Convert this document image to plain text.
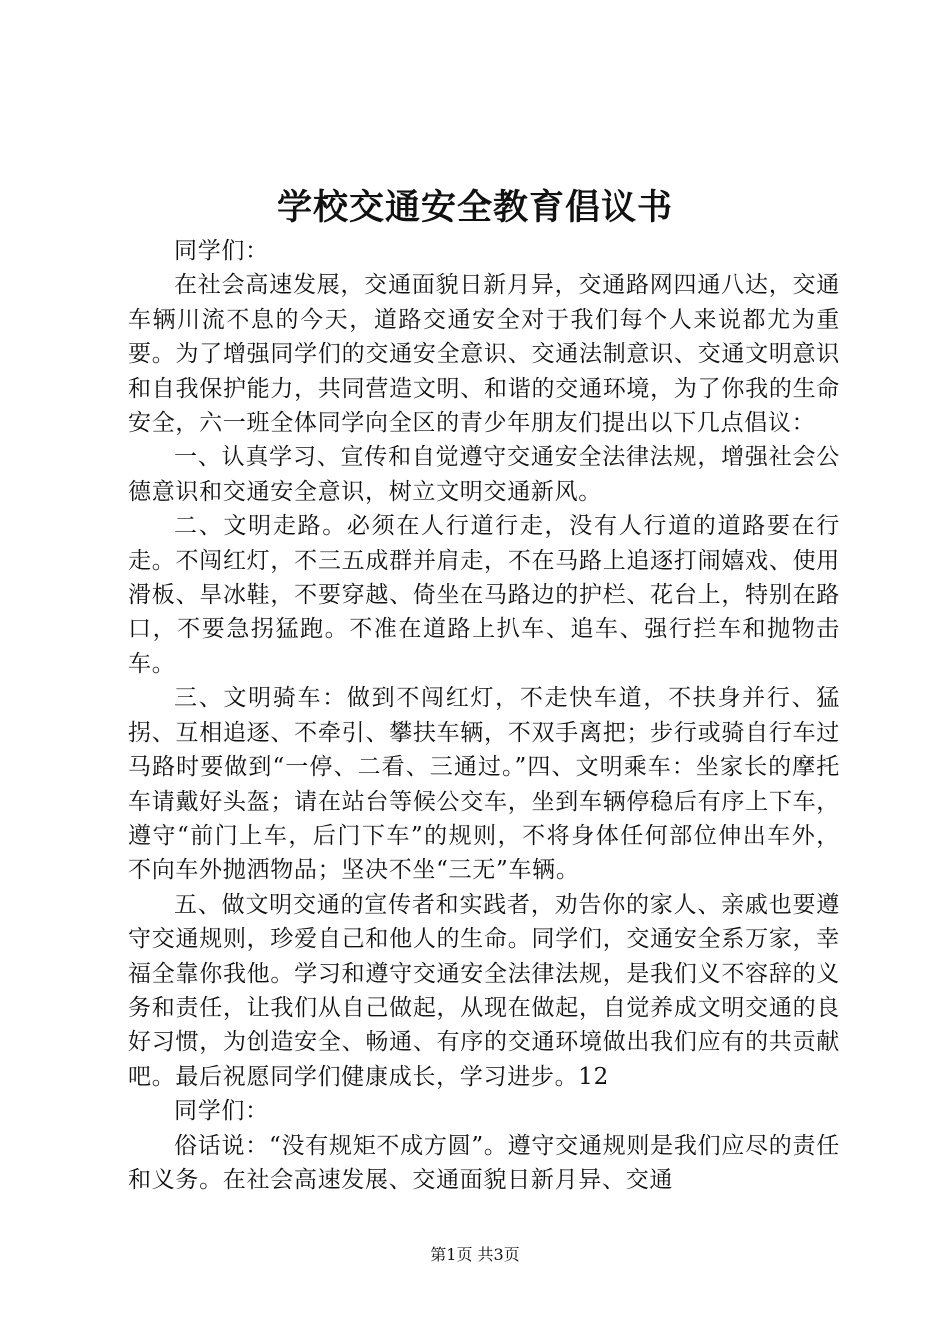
学校交通安全教育倡议书

同学们：

在社会高速发展，交通面貌日新月异，交通路网四通八达，交通车辆川流不息的今天，道路交通安全对于我们每个人来说都尤为重要。为了增强同学们的交通安全意识、交通法制意识、交通文明意识和自我保护能力，共同营造文明、和谐的交通环境，为了你我的生命安全，六一班全体同学向全区的青少年朋友们提出以下几点倡议：

一、认真学习、宣传和自觉遵守交通安全法律法规，增强社会公德意识和交通安全意识，树立文明交通新风。

二、文明走路。必须在人行道行走，没有人行道的道路要在行走。不闯红灯，不三五成群并肩走，不在马路上追逐打闹嬉戏、使用滑板、旱冰鞋，不要穿越、倚坐在马路边的护栏、花台上，特别在路口，不要急拐猛跑。不准在道路上扒车、追车、强行拦车和抛物击车。

三、文明骑车：做到不闯红灯，不走快车道，不扶身并行、猛拐、互相追逐、不牵引、攀扶车辆，不双手离把；步行或骑自行车过马路时要做到“一停、二看、三通过。”四、文明乘车：坐家长的摩托车请戴好头盔；请在站台等候公交车，坐到车辆停稳后有序上下车，遵守“前门上车，后门下车”的规则，不将身体任何部位伸出车外，不向车外抛洒物品；坚决不坐“三无”车辆。

五、做文明交通的宣传者和实践者，劝告你的家人、亲戚也要遵守交通规则，珍爱自己和他人的生命。同学们，交通安全系万家，幸福全靠你我他。学习和遵守交通安全法律法规，是我们义不容辞的义务和责任，让我们从自己做起，从现在做起，自觉养成文明交通的良好习惯，为创造安全、畅通、有序的交通环境做出我们应有的共贡献吧。最后祝愿同学们健康成长，学习进步。12

同学们：

俗话说：“没有规矩不成方圆”。遵守交通规则是我们应尽的责任和义务。在社会高速发展、交通面貌日新月异、交通

第1页 共3页
